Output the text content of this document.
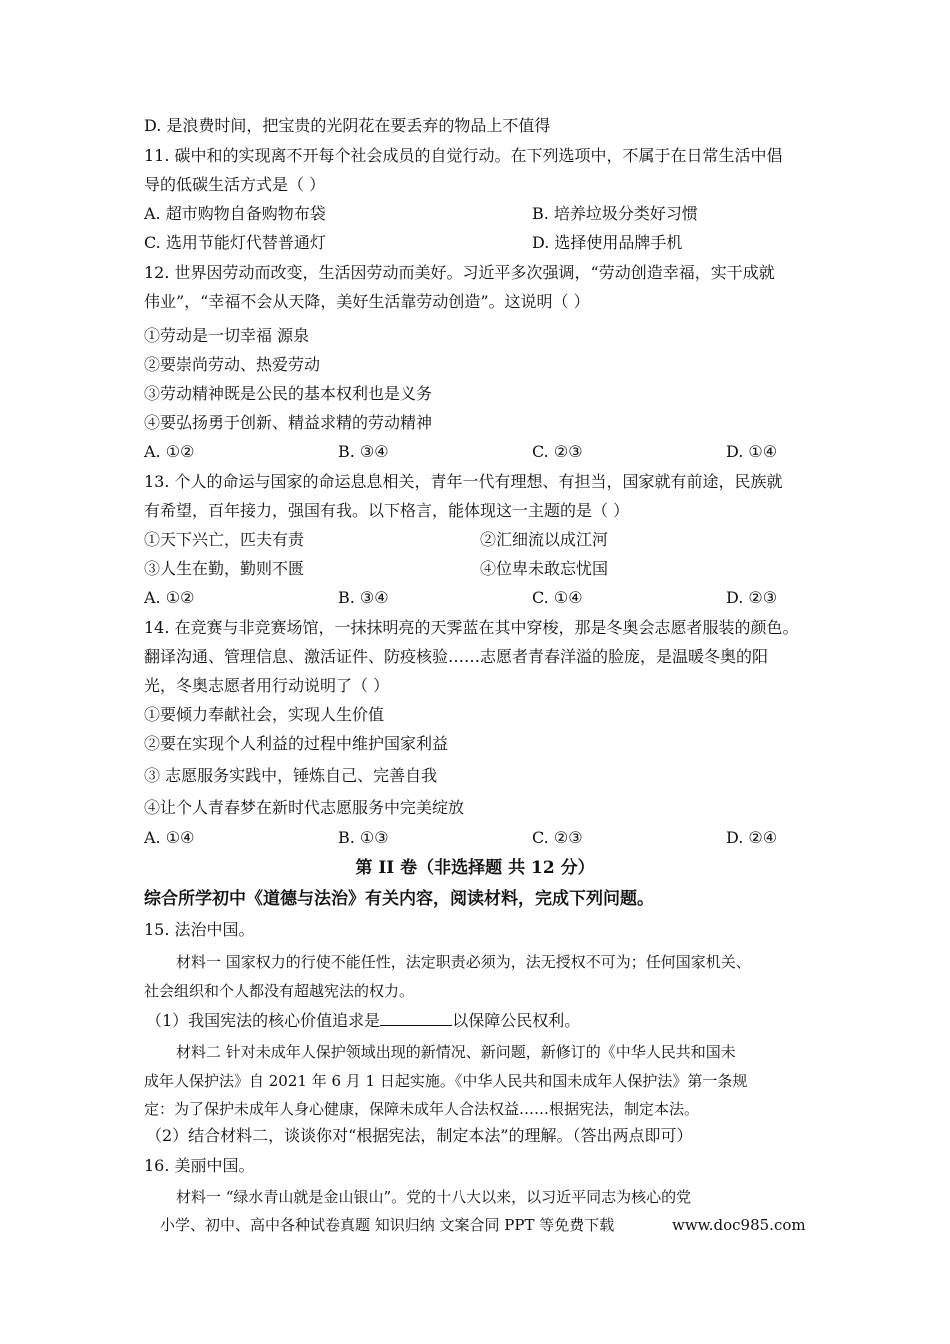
D. 是浪费时间，把宝贵的光阴花在要丢弃的物品上不值得
11. 碳中和的实现离不开每个社会成员的自觉行动。在下列选项中，不属于在日常生活中倡
导的低碳生活方式是（ ）
A. 超市购物自备购物布袋	B. 培养垃圾分类好习惯
C. 选用节能灯代替普通灯	D. 选择使用品牌手机
12. 世界因劳动而改变，生活因劳动而美好。习近平多次强调，“劳动创造幸福，实干成就
伟业”，“幸福不会从天降，美好生活靠劳动创造”。这说明（ ）
①劳动是一切幸福 源泉
②要崇尚劳动、热爱劳动
③劳动精神既是公民的基本权利也是义务
④要弘扬勇于创新、精益求精的劳动精神
A. ①②	B. ③④	C. ②③	D. ①④
13. 个人的命运与国家的命运息息相关，青年一代有理想、有担当，国家就有前途，民族就
有希望，百年接力，强国有我。以下格言，能体现这一主题的是（ ）
①天下兴亡，匹夫有责	②汇细流以成江河
③人生在勤，勤则不匮	④位卑未敢忘忧国
A. ①②	B. ③④	C. ①④	D. ②③
14. 在竞赛与非竞赛场馆，一抹抹明亮的天霁蓝在其中穿梭，那是冬奥会志愿者服装的颜色。
翻译沟通、管理信息、激活证件、防疫核验……志愿者青春洋溢的脸庞，是温暖冬奥的阳
光，冬奥志愿者用行动说明了（ ）
①要倾力奉献社会，实现人生价值
②要在实现个人利益的过程中维护国家利益
③ 志愿服务实践中，锤炼自己、完善自我
④让个人青春梦在新时代志愿服务中完美绽放
A. ①④	B. ①③	C. ②③	D. ②④
第 II 卷（非选择题 共 12 分）
综合所学初中《道德与法治》有关内容，阅读材料，完成下列问题。
15. 法治中国。
材料一 国家权力的行使不能任性，法定职责必须为，法无授权不可为；任何国家机关、
社会组织和个人都没有超越宪法的权力。
（1）我国宪法的核心价值追求是	以保障公民权利。
材料二 针对未成年人保护领域出现的新情况、新问题，新修订的《中华人民共和国未
成年人保护法》自 2021 年 6 月 1 日起实施。《中华人民共和国未成年人保护法》第一条规
定：为了保护未成年人身心健康，保障未成年人合法权益……根据宪法，制定本法。
（2）结合材料二，谈谈你对“根据宪法，制定本法”的理解。（答出两点即可）
16. 美丽中国。
材料一 “绿水青山就是金山银山”。党的十八大以来，以习近平同志为核心的党
小学、初中、高中各种试卷真题 知识归纳 文案合同 PPT 等免费下载	www.doc985.com
